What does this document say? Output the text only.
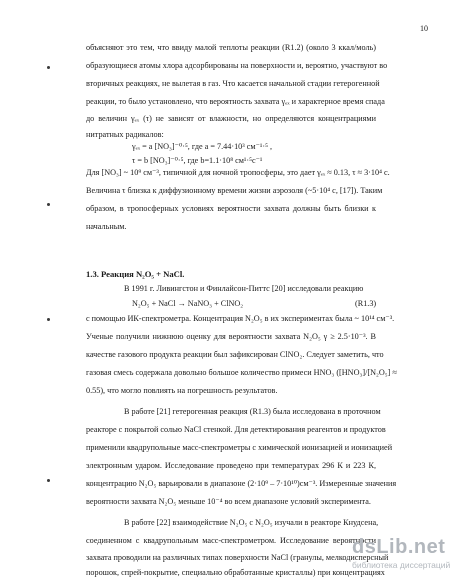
10
объясняют это тем, что ввиду малой теплоты реакции (R1.2) (около 3 ккал/моль)
образующиеся атомы хлора адсорбированы на поверхности и, вероятно, участвуют во
вторичных реакциях, не вылетая в газ. Что касается начальной стадии гетерогенной
реакции, то было установлено, что вероятность захвата γₑₓ и характерное время спада
до величин γₑₓ (τ) не зависят от влажности, но определяются концентрациями
нитратных радикалов:
γₑₓ = a [NO₃]⁻⁰·⁵, где a = 7.44·10³ см⁻¹·⁵ ,
τ = b [NO₃]⁻⁰·⁵, где b=1.1·10⁸ см¹·⁵с⁻¹
Для [NO₃] ~ 10⁹ см⁻³, типичной для ночной тропосферы, это дает γₑₓ ≈ 0.13, τ ≈ 3·10⁴ с.
Величина τ близка к диффузионному времени жизни аэрозоля (~5·10⁴ с, [17]). Таким
образом, в тропосферных условиях вероятности захвата должны быть близки к
начальным.
1.3. Реакция N₂O₅ + NaCl.
В 1991 г. Ливингстон и Финлайсон-Питтс [20] исследовали реакцию
N₂O₅ + NaCl → NaNO₃ + ClNO₂	(R1.3)
с помощью ИК-спектрометра. Концентрация N₂O₅ в их экспериментах была ~ 10¹⁴ см⁻³.
Ученые получили нижнюю оценку для вероятности захвата N₂O₅ γ ≥ 2.5·10⁻³. В
качестве газового продукта реакции был зафиксирован ClNO₂. Следует заметить, что
газовая смесь содержала довольно большое количество примеси HNO₃ ([HNO₃]/[N₂O₅] ≈
0.55), что могло повлиять на погрешность результатов.
В работе [21] гетерогенная реакция (R1.3) была исследована в проточном
реакторе с покрытой солью NaCl стенкой. Для детектирования реагентов и продуктов
применили квадрупольные масс-спектрометры с химической ионизацией и ионизацией
электронным ударом. Исследование проведено при температурах 296 К и 223 К,
концентрацию N₂O₅ варьировали в диапазоне (2·10⁹ – 7·10¹⁰)см⁻³. Измеренные значения
вероятности захвата N₂O₅ меньше 10⁻⁴ во всем диапазоне условий эксперимента.
В работе [22] взаимодействие N₂O₅ с N₂O₅ изучали в реакторе Кнудсена,
соединенном с квадрупольным масс-спектрометром. Исследование вероятности
захвата проводили на различных типах поверхности NaCl (гранулы, мелкодисперсный
порошок, спрей-покрытие, специально обработанные кристаллы) при концентрациях
dsLib.net
библиотека диссертаций
